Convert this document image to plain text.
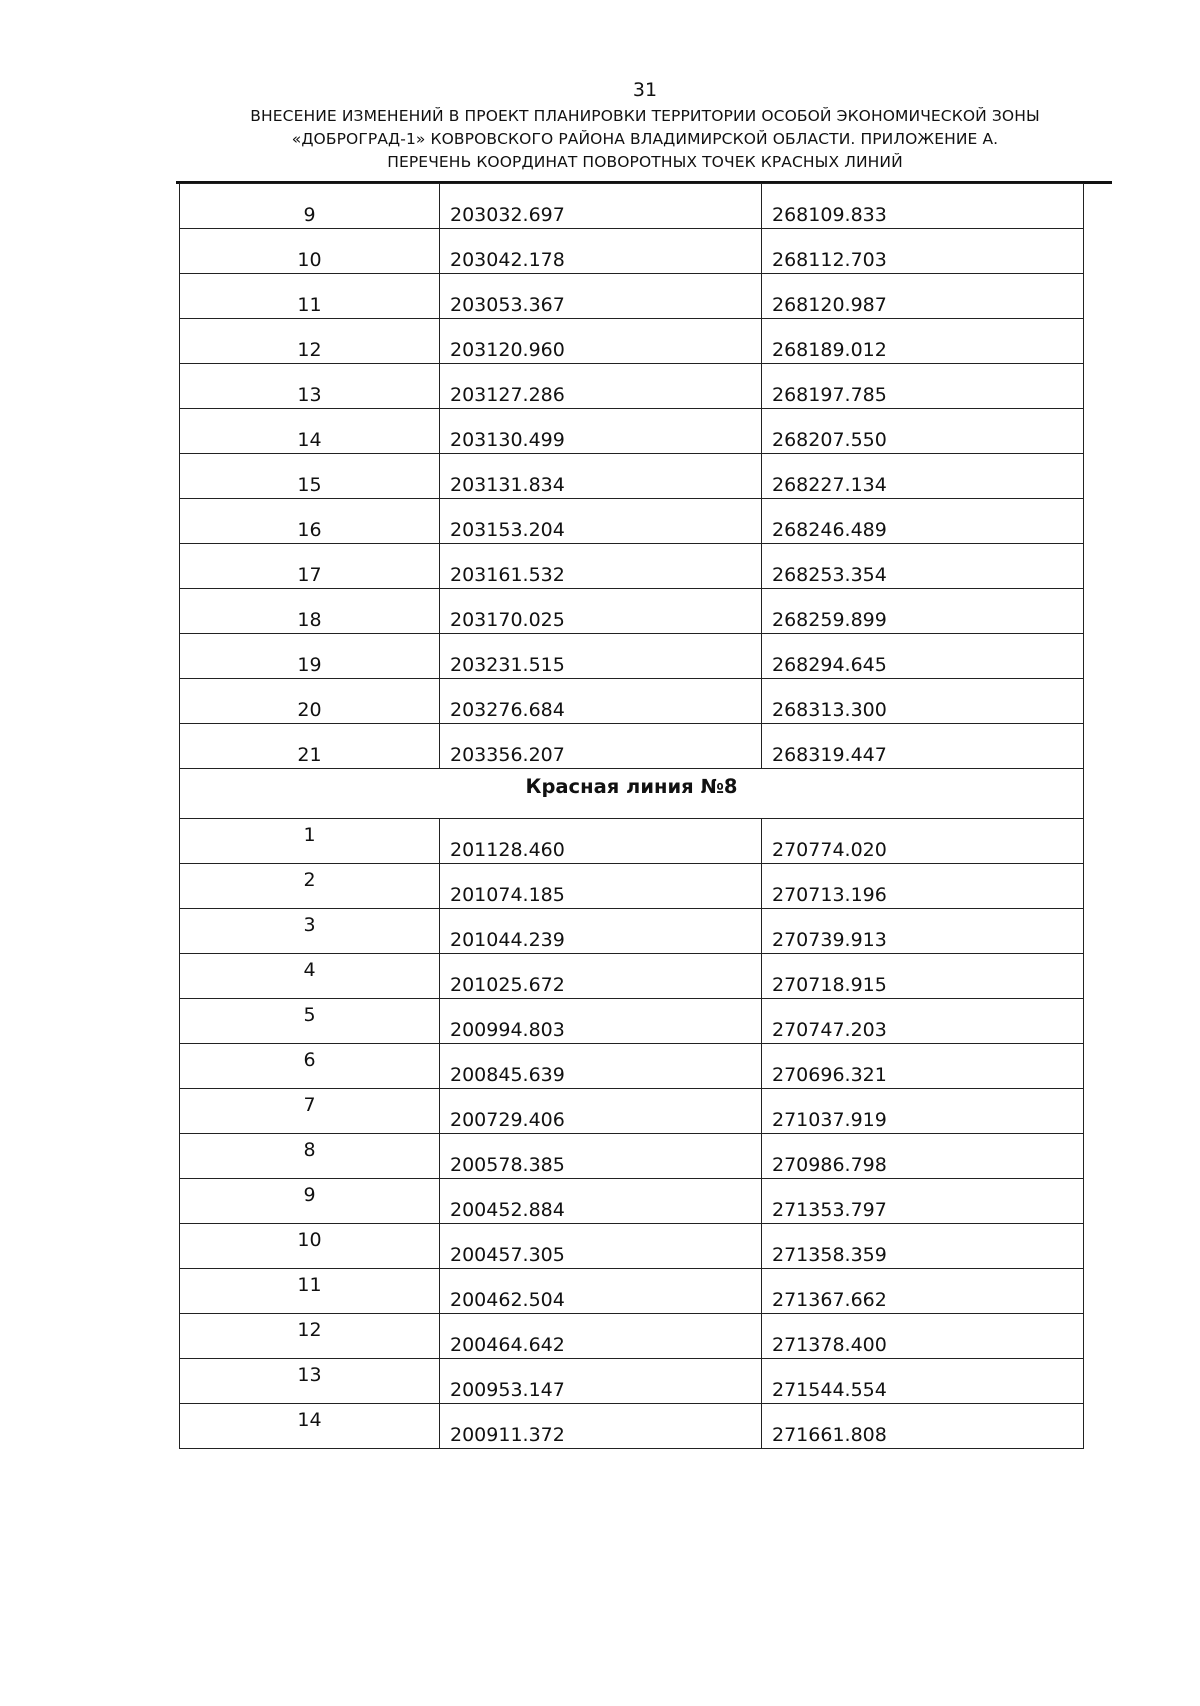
31
ВНЕСЕНИЕ ИЗМЕНЕНИЙ В ПРОЕКТ ПЛАНИРОВКИ ТЕРРИТОРИИ ОСОБОЙ ЭКОНОМИЧЕСКОЙ ЗОНЫ
«ДОБРОГРАД-1» КОВРОВСКОГО РАЙОНА ВЛАДИМИРСКОЙ ОБЛАСТИ. ПРИЛОЖЕНИЕ А.
ПЕРЕЧЕНЬ КООРДИНАТ ПОВОРОТНЫХ ТОЧЕК КРАСНЫХ ЛИНИЙ
9	203032.697	268109.833
10	203042.178	268112.703
11	203053.367	268120.987
12	203120.960	268189.012
13	203127.286	268197.785
14	203130.499	268207.550
15	203131.834	268227.134
16	203153.204	268246.489
17	203161.532	268253.354
18	203170.025	268259.899
19	203231.515	268294.645
20	203276.684	268313.300
21	203356.207	268319.447
Красная линия №8		
1	201128.460	270774.020
2	201074.185	270713.196
3	201044.239	270739.913
4	201025.672	270718.915
5	200994.803	270747.203
6	200845.639	270696.321
7	200729.406	271037.919
8	200578.385	270986.798
9	200452.884	271353.797
10	200457.305	271358.359
11	200462.504	271367.662
12	200464.642	271378.400
13	200953.147	271544.554
14	200911.372	271661.808
